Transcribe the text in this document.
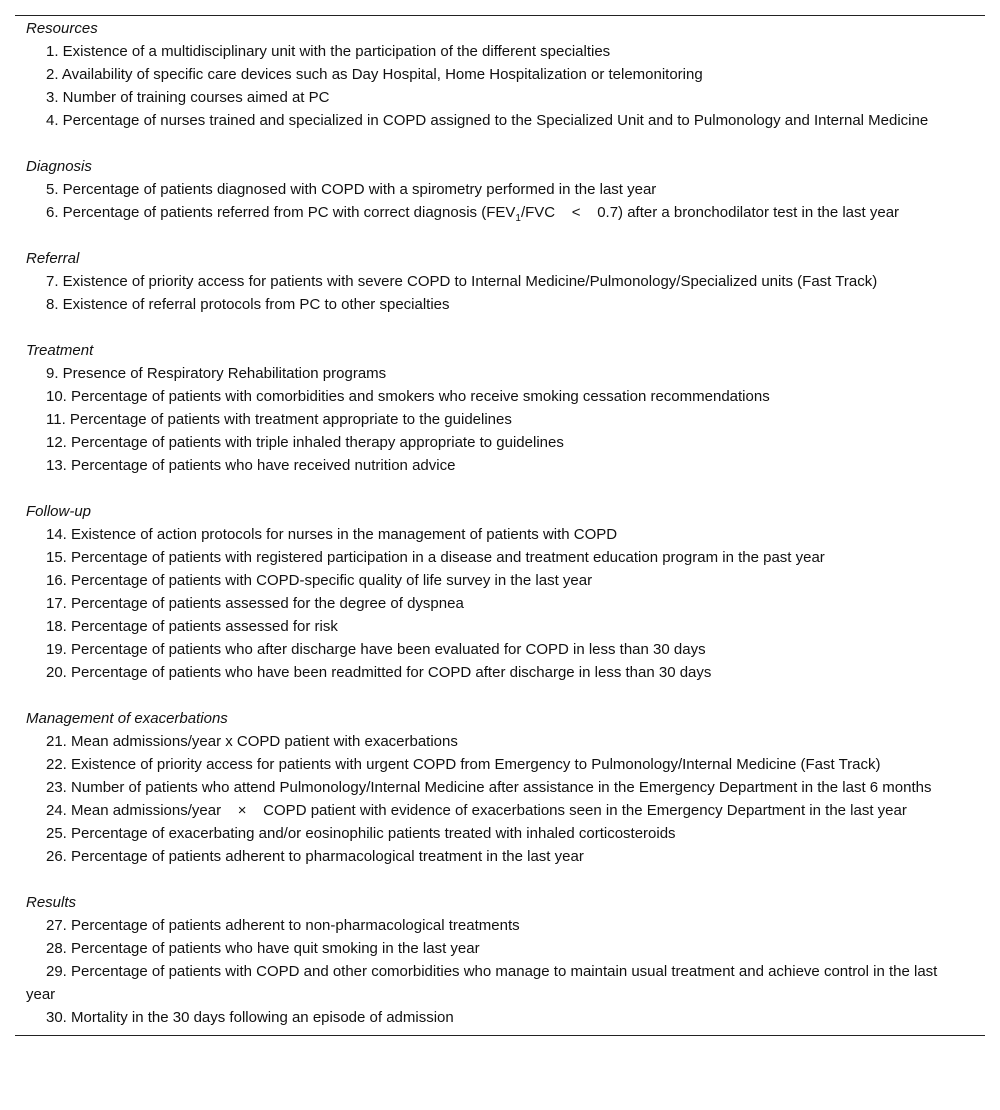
Resources
1. Existence of a multidisciplinary unit with the participation of the different specialties
2. Availability of specific care devices such as Day Hospital, Home Hospitalization or telemonitoring
3. Number of training courses aimed at PC
4. Percentage of nurses trained and specialized in COPD assigned to the Specialized Unit and to Pulmonology and Internal Medicine
Diagnosis
5. Percentage of patients diagnosed with COPD with a spirometry performed in the last year
6. Percentage of patients referred from PC with correct diagnosis ($FEV_1$/FVC    <    0.7) after a bronchodilator test in the last year
Referral
7. Existence of priority access for patients with severe COPD to Internal Medicine/Pulmonology/Specialized units (Fast Track)
8. Existence of referral protocols from PC to other specialties
Treatment
9. Presence of Respiratory Rehabilitation programs
10. Percentage of patients with comorbidities and smokers who receive smoking cessation recommendations
11. Percentage of patients with treatment appropriate to the guidelines
12. Percentage of patients with triple inhaled therapy appropriate to guidelines
13. Percentage of patients who have received nutrition advice
Follow-up
14. Existence of action protocols for nurses in the management of patients with COPD
15. Percentage of patients with registered participation in a disease and treatment education program in the past year
16. Percentage of patients with COPD-specific quality of life survey in the last year
17. Percentage of patients assessed for the degree of dyspnea
18. Percentage of patients assessed for risk
19. Percentage of patients who after discharge have been evaluated for COPD in less than 30 days
20. Percentage of patients who have been readmitted for COPD after discharge in less than 30 days
Management of exacerbations
21. Mean admissions/year x COPD patient with exacerbations
22. Existence of priority access for patients with urgent COPD from Emergency to Pulmonology/Internal Medicine (Fast Track)
23. Number of patients who attend Pulmonology/Internal Medicine after assistance in the Emergency Department in the last 6 months
24. Mean admissions/year    ×    COPD patient with evidence of exacerbations seen in the Emergency Department in the last year
25. Percentage of exacerbating and/or eosinophilic patients treated with inhaled corticosteroids
26. Percentage of patients adherent to pharmacological treatment in the last year
Results
27. Percentage of patients adherent to non-pharmacological treatments
28. Percentage of patients who have quit smoking in the last year
29. Percentage of patients with COPD and other comorbidities who manage to maintain usual treatment and achieve control in the last year
30. Mortality in the 30 days following an episode of admission
